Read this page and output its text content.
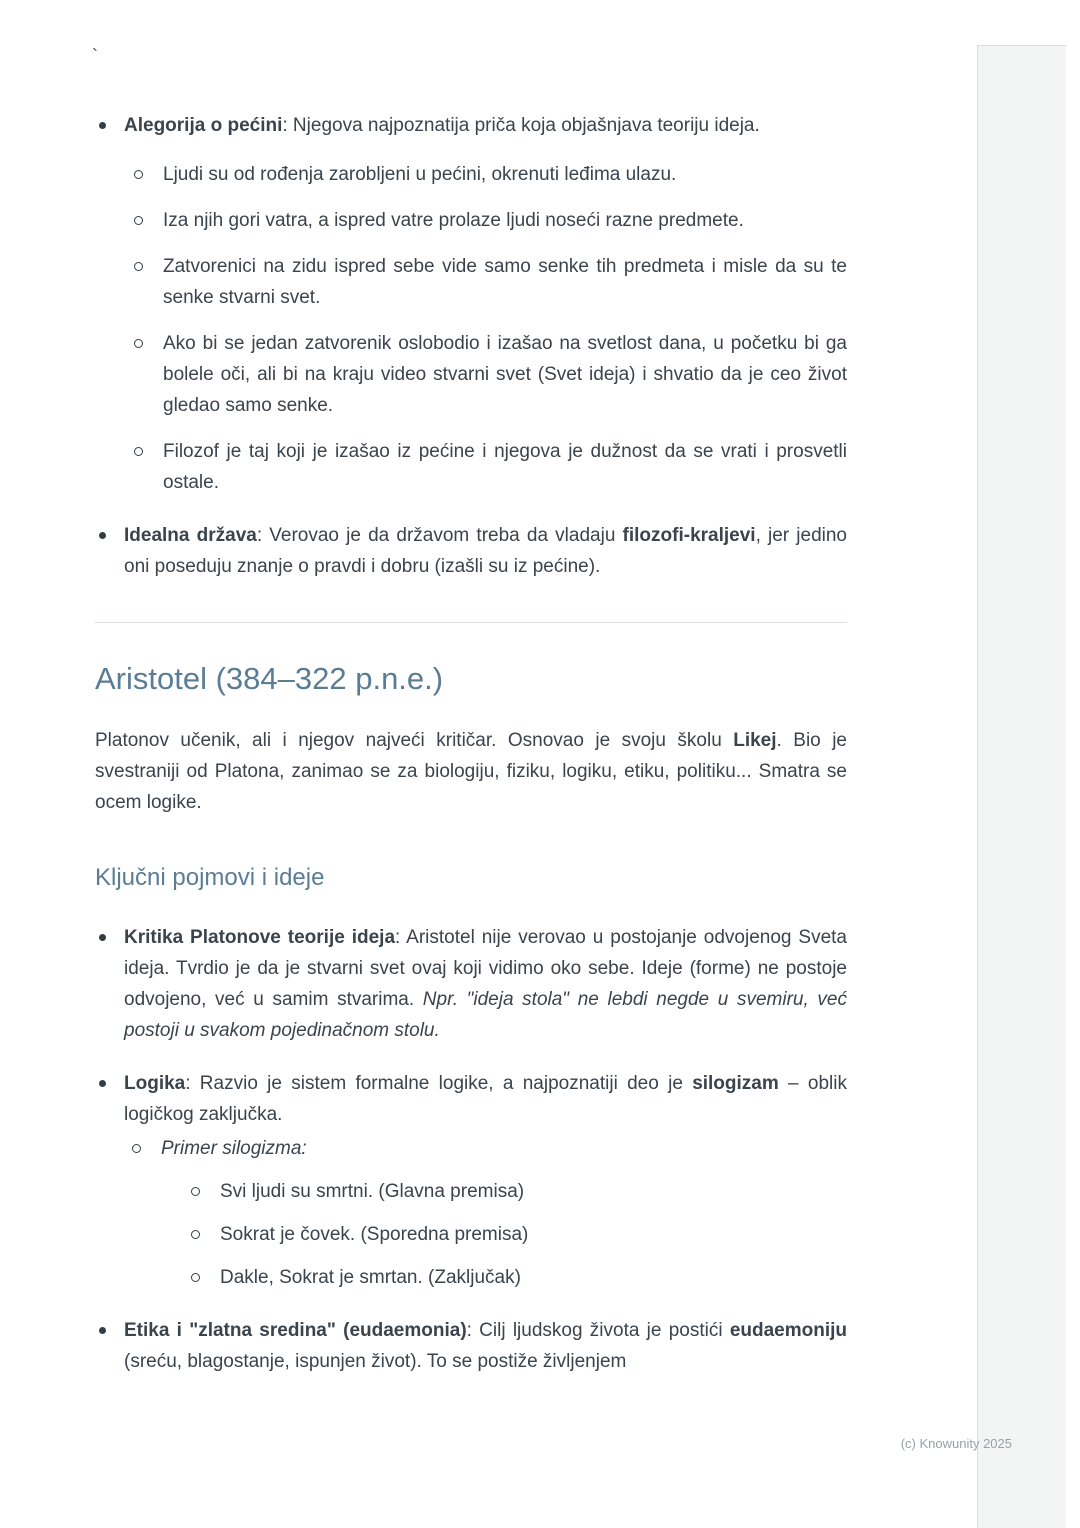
`

Alegorija o pećini: Njegova najpoznatija priča koja objašnjava teoriju ideja.

Ljudi su od rođenja zarobljeni u pećini, okrenuti leđima ulazu.

Iza njih gori vatra, a ispred vatre prolaze ljudi noseći razne predmete.

Zatvorenici na zidu ispred sebe vide samo senke tih predmeta i misle da su te senke stvarni svet.

Ako bi se jedan zatvorenik oslobodio i izašao na svetlost dana, u početku bi ga bolele oči, ali bi na kraju video stvarni svet (Svet ideja) i shvatio da je ceo život gledao samo senke.

Filozof je taj koji je izašao iz pećine i njegova je dužnost da se vrati i prosvetli ostale.

Idealna država: Verovao je da državom treba da vladaju filozofi-kraljevi, jer jedino oni poseduju znanje o pravdi i dobru (izašli su iz pećine).

Aristotel (384–322 p.n.e.)

Platonov učenik, ali i njegov najveći kritičar. Osnovao je svoju školu Likej. Bio je svestraniji od Platona, zanimao se za biologiju, fiziku, logiku, etiku, politiku... Smatra se ocem logike.

Ključni pojmovi i ideje

Kritika Platonove teorije ideja: Aristotel nije verovao u postojanje odvojenog Sveta ideja. Tvrdio je da je stvarni svet ovaj koji vidimo oko sebe. Ideje (forme) ne postoje odvojeno, već u samim stvarima. Npr. "ideja stola" ne lebdi negde u svemiru, već postoji u svakom pojedinačnom stolu.

Logika: Razvio je sistem formalne logike, a najpoznatiji deo je silogizam – oblik logičkog zaključka.

Primer silogizma:

Svi ljudi su smrtni. (Glavna premisa)

Sokrat je čovek. (Sporedna premisa)

Dakle, Sokrat je smrtan. (Zaključak)

Etika i "zlatna sredina" (eudaemonia): Cilj ljudskog života je postići eudaemoniju (sreću, blagostanje, ispunjen život). To se postiže življenjem

(c) Knowunity 2025
